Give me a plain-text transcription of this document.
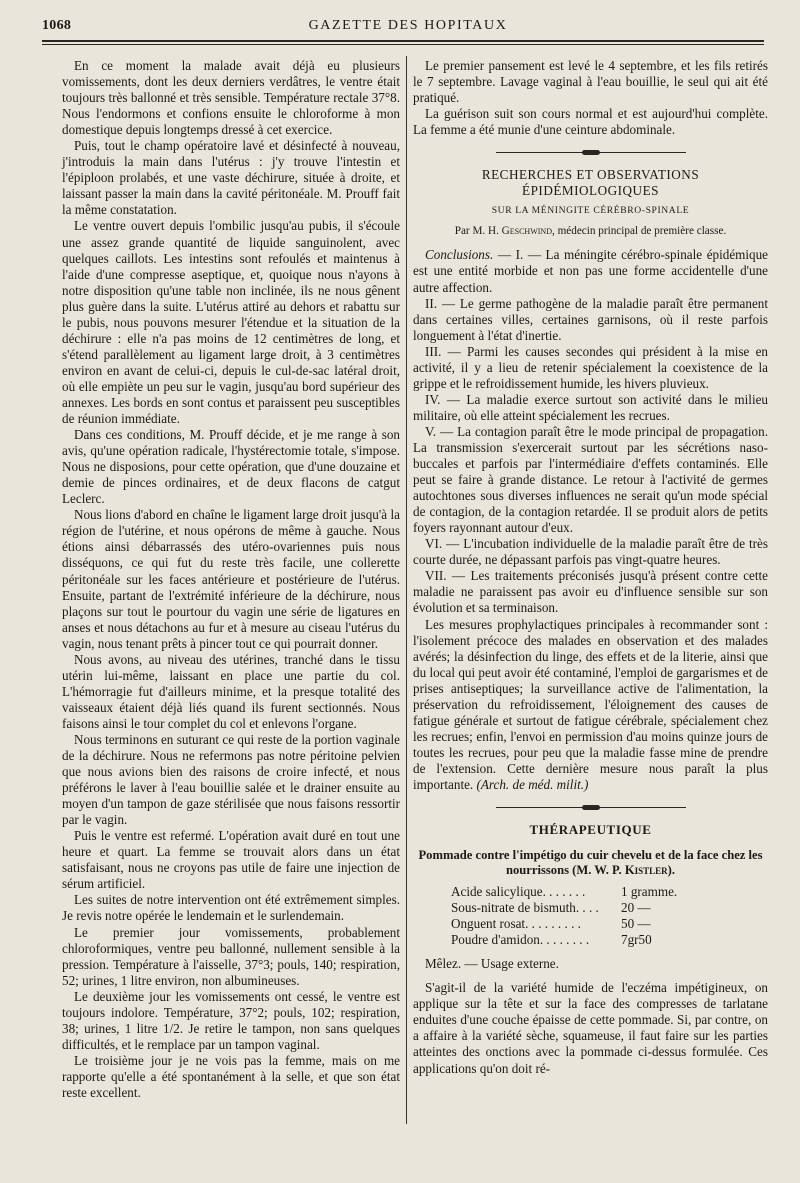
1068	GAZETTE DES HOPITAUX

En ce moment la malade avait déjà eu plusieurs vomissements, dont les deux derniers verdâtres, le ventre était toujours très ballonné et très sensible. Température rectale 37°8. Nous l'endormons et confions ensuite le chloroforme à mon domestique depuis longtemps dressé à cet exercice.

Puis, tout le champ opératoire lavé et désinfecté à nouveau, j'introduis la main dans l'utérus : j'y trouve l'intestin et l'épiploon prolabés, et une vaste déchirure, située à droite, et laissant passer la main dans la cavité péritonéale. M. Prouff fait la même constatation.

Le ventre ouvert depuis l'ombilic jusqu'au pubis, il s'écoule une assez grande quantité de liquide sanguinolent, avec quelques caillots. Les intestins sont refoulés et maintenus à l'aide d'une compresse aseptique, et, quoique nous n'ayons à notre disposition qu'une table non inclinée, ils ne nous gênent plus guère dans la suite. L'utérus attiré au dehors et rabattu sur le pubis, nous pouvons mesurer l'étendue et la situation de la déchirure : elle n'a pas moins de 12 centimètres de long, et s'étend parallèlement au ligament large droit, à 3 centimètres environ en avant de celui-ci, depuis le cul-de-sac latéral droit, où elle empiète un peu sur le vagin, jusqu'au bord supérieur des annexes. Les bords en sont contus et paraissent peu susceptibles de réunion immédiate.

Dans ces conditions, M. Prouff décide, et je me range à son avis, qu'une opération radicale, l'hystérectomie totale, s'impose. Nous ne disposions, pour cette opération, que d'une douzaine et demie de pinces ordinaires, et de deux flacons de catgut Leclerc.

Nous lions d'abord en chaîne le ligament large droit jusqu'à la région de l'utérine, et nous opérons de même à gauche. Nous étions ainsi débarrassés des utéro-ovariennes puis nous disséquons, ce qui fut du reste très facile, une collerette péritonéale sur les faces antérieure et postérieure de l'utérus. Ensuite, partant de l'extrémité inférieure de la déchirure, nous plaçons sur tout le pourtour du vagin une série de ligatures en anses et nous détachons au fur et à mesure au ciseau l'utérus du vagin, nous tenant prêts à pincer tout ce qui pourrait donner.

Nous avons, au niveau des utérines, tranché dans le tissu utérin lui-même, laissant en place une partie du col. L'hémorragie fut d'ailleurs minime, et la presque totalité des vaisseaux étaient déjà liés quand ils furent sectionnés. Nous faisons ainsi le tour complet du col et enlevons l'organe.

Nous terminons en suturant ce qui reste de la portion vaginale de la déchirure. Nous ne refermons pas notre péritoine pelvien que nous avions bien des raisons de croire infecté, et nous préférons le laver à l'eau bouillie salée et le drainer ensuite au moyen d'un tampon de gaze stérilisée que nous faisons ressortir par le vagin.

Puis le ventre est refermé. L'opération avait duré en tout une heure et quart. La femme se trouvait alors dans un état satisfaisant, nous ne croyons pas utile de faire une injection de sérum artificiel.

Les suites de notre intervention ont été extrêmement simples. Je revis notre opérée le lendemain et le surlendemain.

Le premier jour vomissements, probablement chloroformiques, ventre peu ballonné, nullement sensible à la pression. Température à l'aisselle, 37°3; pouls, 140; respiration, 52; urines, 1 litre environ, non albumineuses.

Le deuxième jour les vomissements ont cessé, le ventre est toujours indolore. Température, 37°2; pouls, 102; respiration, 38; urines, 1 litre 1/2. Je retire le tampon, non sans quelques difficultés, et le remplace par un tampon vaginal.

Le troisième jour je ne vois pas la femme, mais on me rapporte qu'elle a été spontanément à la selle, et que son état reste excellent.

Le premier pansement est levé le 4 septembre, et les fils retirés le 7 septembre. Lavage vaginal à l'eau bouillie, le seul qui ait été pratiqué.

La guérison suit son cours normal et est aujourd'hui complète. La femme a été munie d'une ceinture abdominale.

RECHERCHES ET OBSERVATIONS ÉPIDÉMIOLOGIQUES
SUR LA MÉNINGITE CÉRÉBRO-SPINALE
Par M. H. Geschwind, médecin principal de première classe.

Conclusions. — I. — La méningite cérébro-spinale épidémique est une entité morbide et non pas une forme accidentelle d'une autre affection.

II. — Le germe pathogène de la maladie paraît être permanent dans certaines villes, certaines garnisons, où il reste parfois longuement à l'état d'inertie.

III. — Parmi les causes secondes qui président à la mise en activité, il y a lieu de retenir spécialement la coexistence de la grippe et le refroidissement humide, les hivers pluvieux.

IV. — La maladie exerce surtout son activité dans le milieu militaire, où elle atteint spécialement les recrues.

V. — La contagion paraît être le mode principal de propagation. La transmission s'exercerait surtout par les sécrétions naso-buccales et parfois par l'intermédiaire d'effets contaminés. Elle peut se faire à grande distance. Le retour à l'activité de germes autochtones sous diverses influences ne serait qu'un mode spécial de contagion, de la contagion retardée. Il se produit alors de petits foyers rayonnant autour d'eux.

VI. — L'incubation individuelle de la maladie paraît être de très courte durée, ne dépassant parfois pas vingt-quatre heures.

VII. — Les traitements préconisés jusqu'à présent contre cette maladie ne paraissent pas avoir eu d'influence sensible sur son évolution et sa terminaison.

Les mesures prophylactiques principales à recommander sont : l'isolement précoce des malades en observation et des malades avérés; la désinfection du linge, des effets et de la literie, ainsi que du local qui peut avoir été contaminé, l'emploi de gargarismes et de prises antiseptiques; la surveillance active de l'alimentation, la préservation du refroidissement, l'éloignement des causes de fatigue générale et surtout de fatigue cérébrale, spécialement chez les recrues; enfin, l'envoi en permission d'au moins quinze jours de toutes les recrues, pour peu que la maladie fasse mine de prendre de l'extension. Cette dernière mesure nous paraît la plus importante. (Arch. de méd. milit.)

THÉRAPEUTIQUE
Pommade contre l'impétigo du cuir chevelu et de la face chez les nourrissons (M. W. P. Kistler).
Acide salicylique. . . . . . .	1 gramme.
Sous-nitrate de bismuth. . . .	20 —
Onguent rosat. . . . . . . . .	50 —
Poudre d'amidon. . . . . . . .	7gr50

Mêlez. — Usage externe.

S'agit-il de la variété humide de l'eczéma impétigineux, on applique sur la tête et sur la face des compresses de tarlatane enduites d'une couche épaisse de cette pommade. Si, par contre, on a affaire à la variété sèche, squameuse, il faut faire sur les parties atteintes des onctions avec la pommade ci-dessus formulée. Ces applications qu'on doit ré-
